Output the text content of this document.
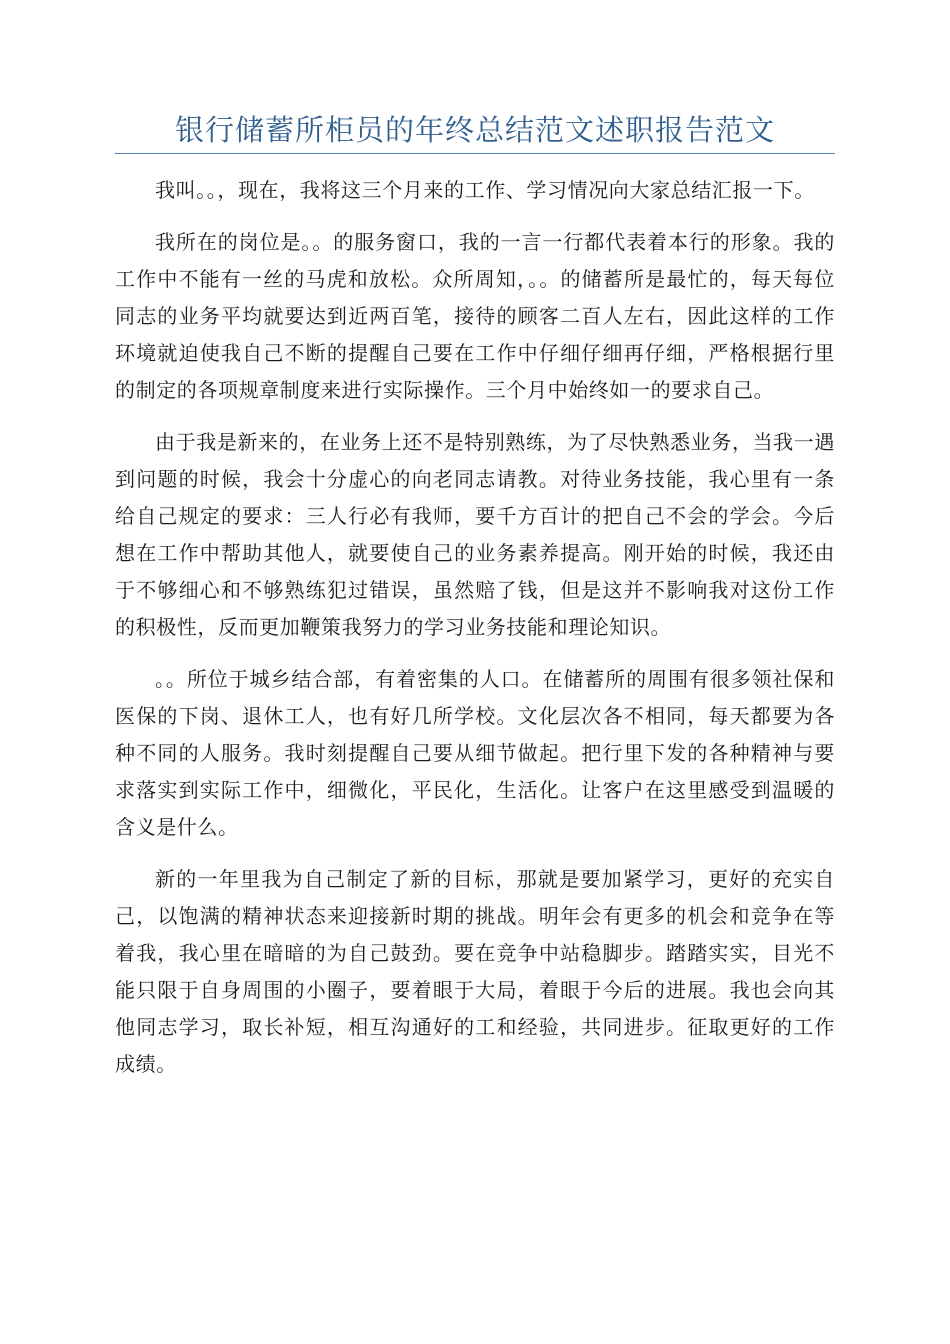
银行储蓄所柜员的年终总结范文述职报告范文

我叫。。，现在，我将这三个月来的工作、学习情况向大家总结汇报一下。

我所在的岗位是。。的服务窗口，我的一言一行都代表着本行的形象。我的工作中不能有一丝的马虎和放松。众所周知，。。的储蓄所是最忙的，每天每位同志的业务平均就要达到近两百笔，接待的顾客二百人左右，因此这样的工作环境就迫使我自己不断的提醒自己要在工作中仔细仔细再仔细，严格根据行里的制定的各项规章制度来进行实际操作。三个月中始终如一的要求自己。

由于我是新来的，在业务上还不是特别熟练，为了尽快熟悉业务，当我一遇到问题的时候，我会十分虚心的向老同志请教。对待业务技能，我心里有一条给自己规定的要求：三人行必有我师，要千方百计的把自己不会的学会。今后想在工作中帮助其他人，就要使自己的业务素养提高。刚开始的时候，我还由于不够细心和不够熟练犯过错误，虽然赔了钱，但是这并不影响我对这份工作的积极性，反而更加鞭策我努力的学习业务技能和理论知识。

。。所位于城乡结合部，有着密集的人口。在储蓄所的周围有很多领社保和医保的下岗、退休工人，也有好几所学校。文化层次各不相同，每天都要为各种不同的人服务。我时刻提醒自己要从细节做起。把行里下发的各种精神与要求落实到实际工作中，细微化，平民化，生活化。让客户在这里感受到温暖的含义是什么。

新的一年里我为自己制定了新的目标，那就是要加紧学习，更好的充实自己，以饱满的精神状态来迎接新时期的挑战。明年会有更多的机会和竞争在等着我，我心里在暗暗的为自己鼓劲。要在竞争中站稳脚步。踏踏实实，目光不能只限于自身周围的小圈子，要着眼于大局，着眼于今后的进展。我也会向其他同志学习，取长补短，相互沟通好的工和经验，共同进步。征取更好的工作成绩。
